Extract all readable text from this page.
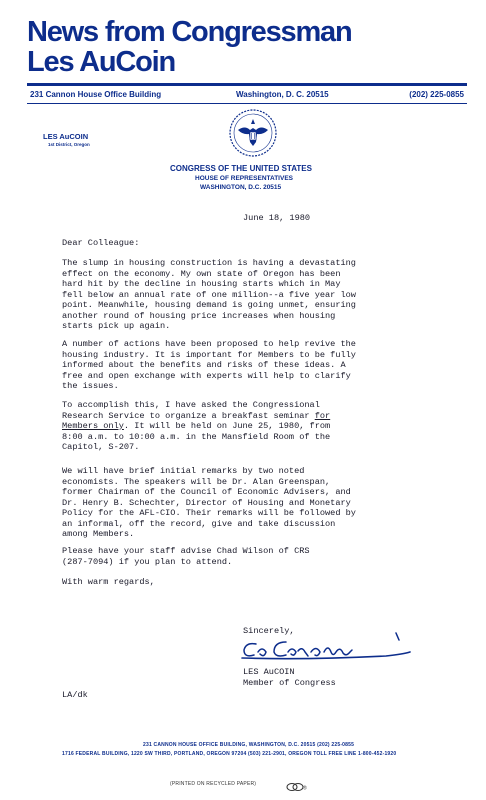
News from Congressman
Les AuCoin
231 Cannon House Office Building	Washington, D. C. 20515	(202) 225-0855
LES AuCOIN
1st District, Oregon
CONGRESS OF THE UNITED STATES
HOUSE OF REPRESENTATIVES
WASHINGTON, D.C. 20515
June 18, 1980
Dear Colleague:
The slump in housing construction is having a devastating
effect on the economy. My own state of Oregon has been
hard hit by the decline in housing starts which in May
fell below an annual rate of one million--a five year low
point. Meanwhile, housing demand is going unmet, ensuring
another round of housing price increases when housing
starts pick up again.
A number of actions have been proposed to help revive the
housing industry. It is important for Members to be fully
informed about the benefits and risks of these ideas. A
free and open exchange with experts will help to clarify
the issues.
To accomplish this, I have asked the Congressional
Research Service to organize a breakfast seminar for
Members only. It will be held on June 25, 1980, from
8:00 a.m. to 10:00 a.m. in the Mansfield Room of the
Capitol, S-207.
We will have brief initial remarks by two noted
economists. The speakers will be Dr. Alan Greenspan,
former Chairman of the Council of Economic Advisers, and
Dr. Henry B. Schechter, Director of Housing and Monetary
Policy for the AFL-CIO. Their remarks will be followed by
an informal, off the record, give and take discussion
among Members.
Please have your staff advise Chad Wilson of CRS
(287-7094) if you plan to attend.
With warm regards,
Sincerely,
LES AuCOIN
Member of Congress
LA/dk
231 CANNON HOUSE OFFICE BUILDING, WASHINGTON, D.C. 20515 (202) 225-0855
1716 FEDERAL BUILDING, 1220 SW THIRD, PORTLAND, OREGON 97204 (503) 221-2901, OREGON TOLL FREE LINE 1-800-452-1920
(PRINTED ON RECYCLED PAPER)
®
